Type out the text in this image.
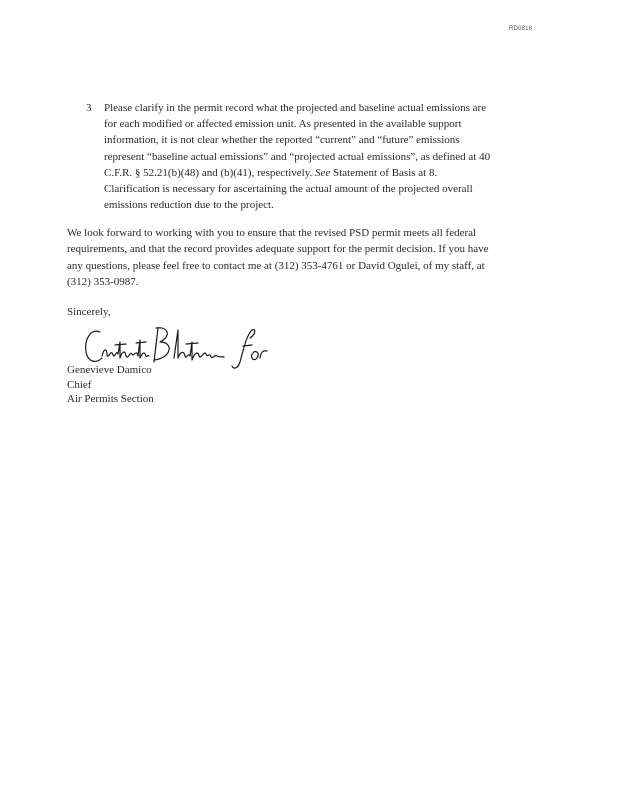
RD0818
3 Please clarify in the permit record what the projected and baseline actual emissions are
for each modified or affected emission unit. As presented in the available support
information, it is not clear whether the reported “current” and “future” emissions
represent “baseline actual emissions” and “projected actual emissions”, as defined at 40
C.F.R. § 52.21(b)(48) and (b)(41), respectively. See Statement of Basis at 8.
Clarification is necessary for ascertaining the actual amount of the projected overall
emissions reduction due to the project.
We look forward to working with you to ensure that the revised PSD permit meets all federal
requirements, and that the record provides adequate support for the permit decision. If you have
any questions, please feel free to contact me at (312) 353-4761 or David Ogulei, of my staff, at
(312) 353-0987.
Sincerely,
Genevieve Damico
Chief
Air Permits Section
